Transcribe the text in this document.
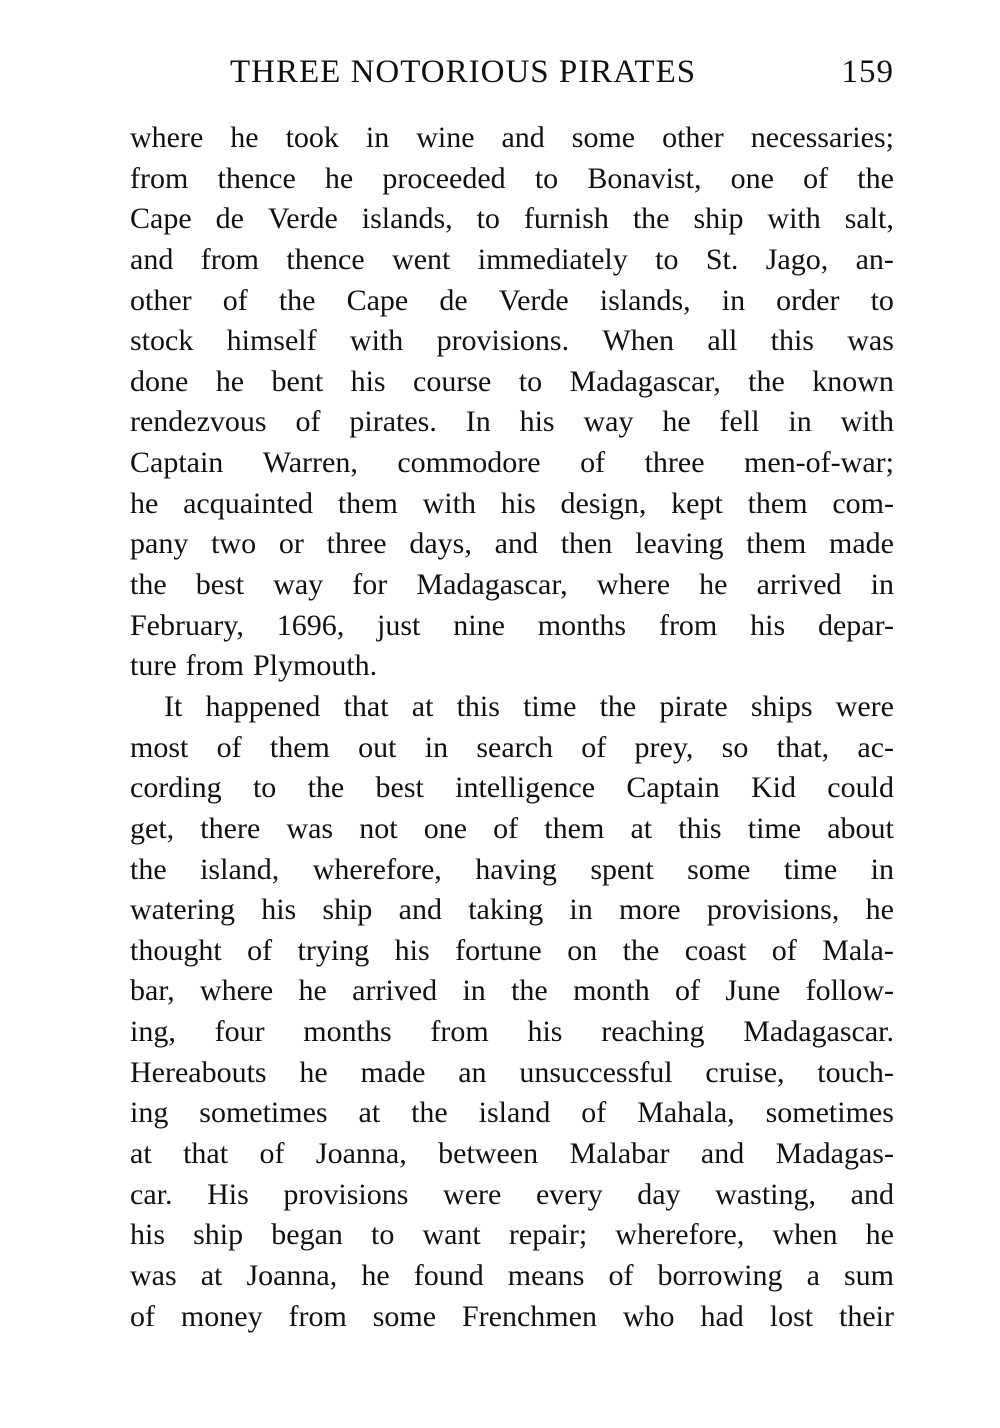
THREE NOTORIOUS PIRATES	159
where he took in wine and some other necessaries;
from thence he proceeded to Bonavist, one of the
Cape de Verde islands, to furnish the ship with salt,
and from thence went immediately to St. Jago, an-
other of the Cape de Verde islands, in order to
stock himself with provisions. When all this was
done he bent his course to Madagascar, the known
rendezvous of pirates. In his way he fell in with
Captain Warren, commodore of three men-of-war;
he acquainted them with his design, kept them com-
pany two or three days, and then leaving them made
the best way for Madagascar, where he arrived in
February, 1696, just nine months from his depar-
ture from Plymouth.
It happened that at this time the pirate ships were
most of them out in search of prey, so that, ac-
cording to the best intelligence Captain Kid could
get, there was not one of them at this time about
the island, wherefore, having spent some time in
watering his ship and taking in more provisions, he
thought of trying his fortune on the coast of Mala-
bar, where he arrived in the month of June follow-
ing, four months from his reaching Madagascar.
Hereabouts he made an unsuccessful cruise, touch-
ing sometimes at the island of Mahala, sometimes
at that of Joanna, between Malabar and Madagas-
car. His provisions were every day wasting, and
his ship began to want repair; wherefore, when he
was at Joanna, he found means of borrowing a sum
of money from some Frenchmen who had lost their
